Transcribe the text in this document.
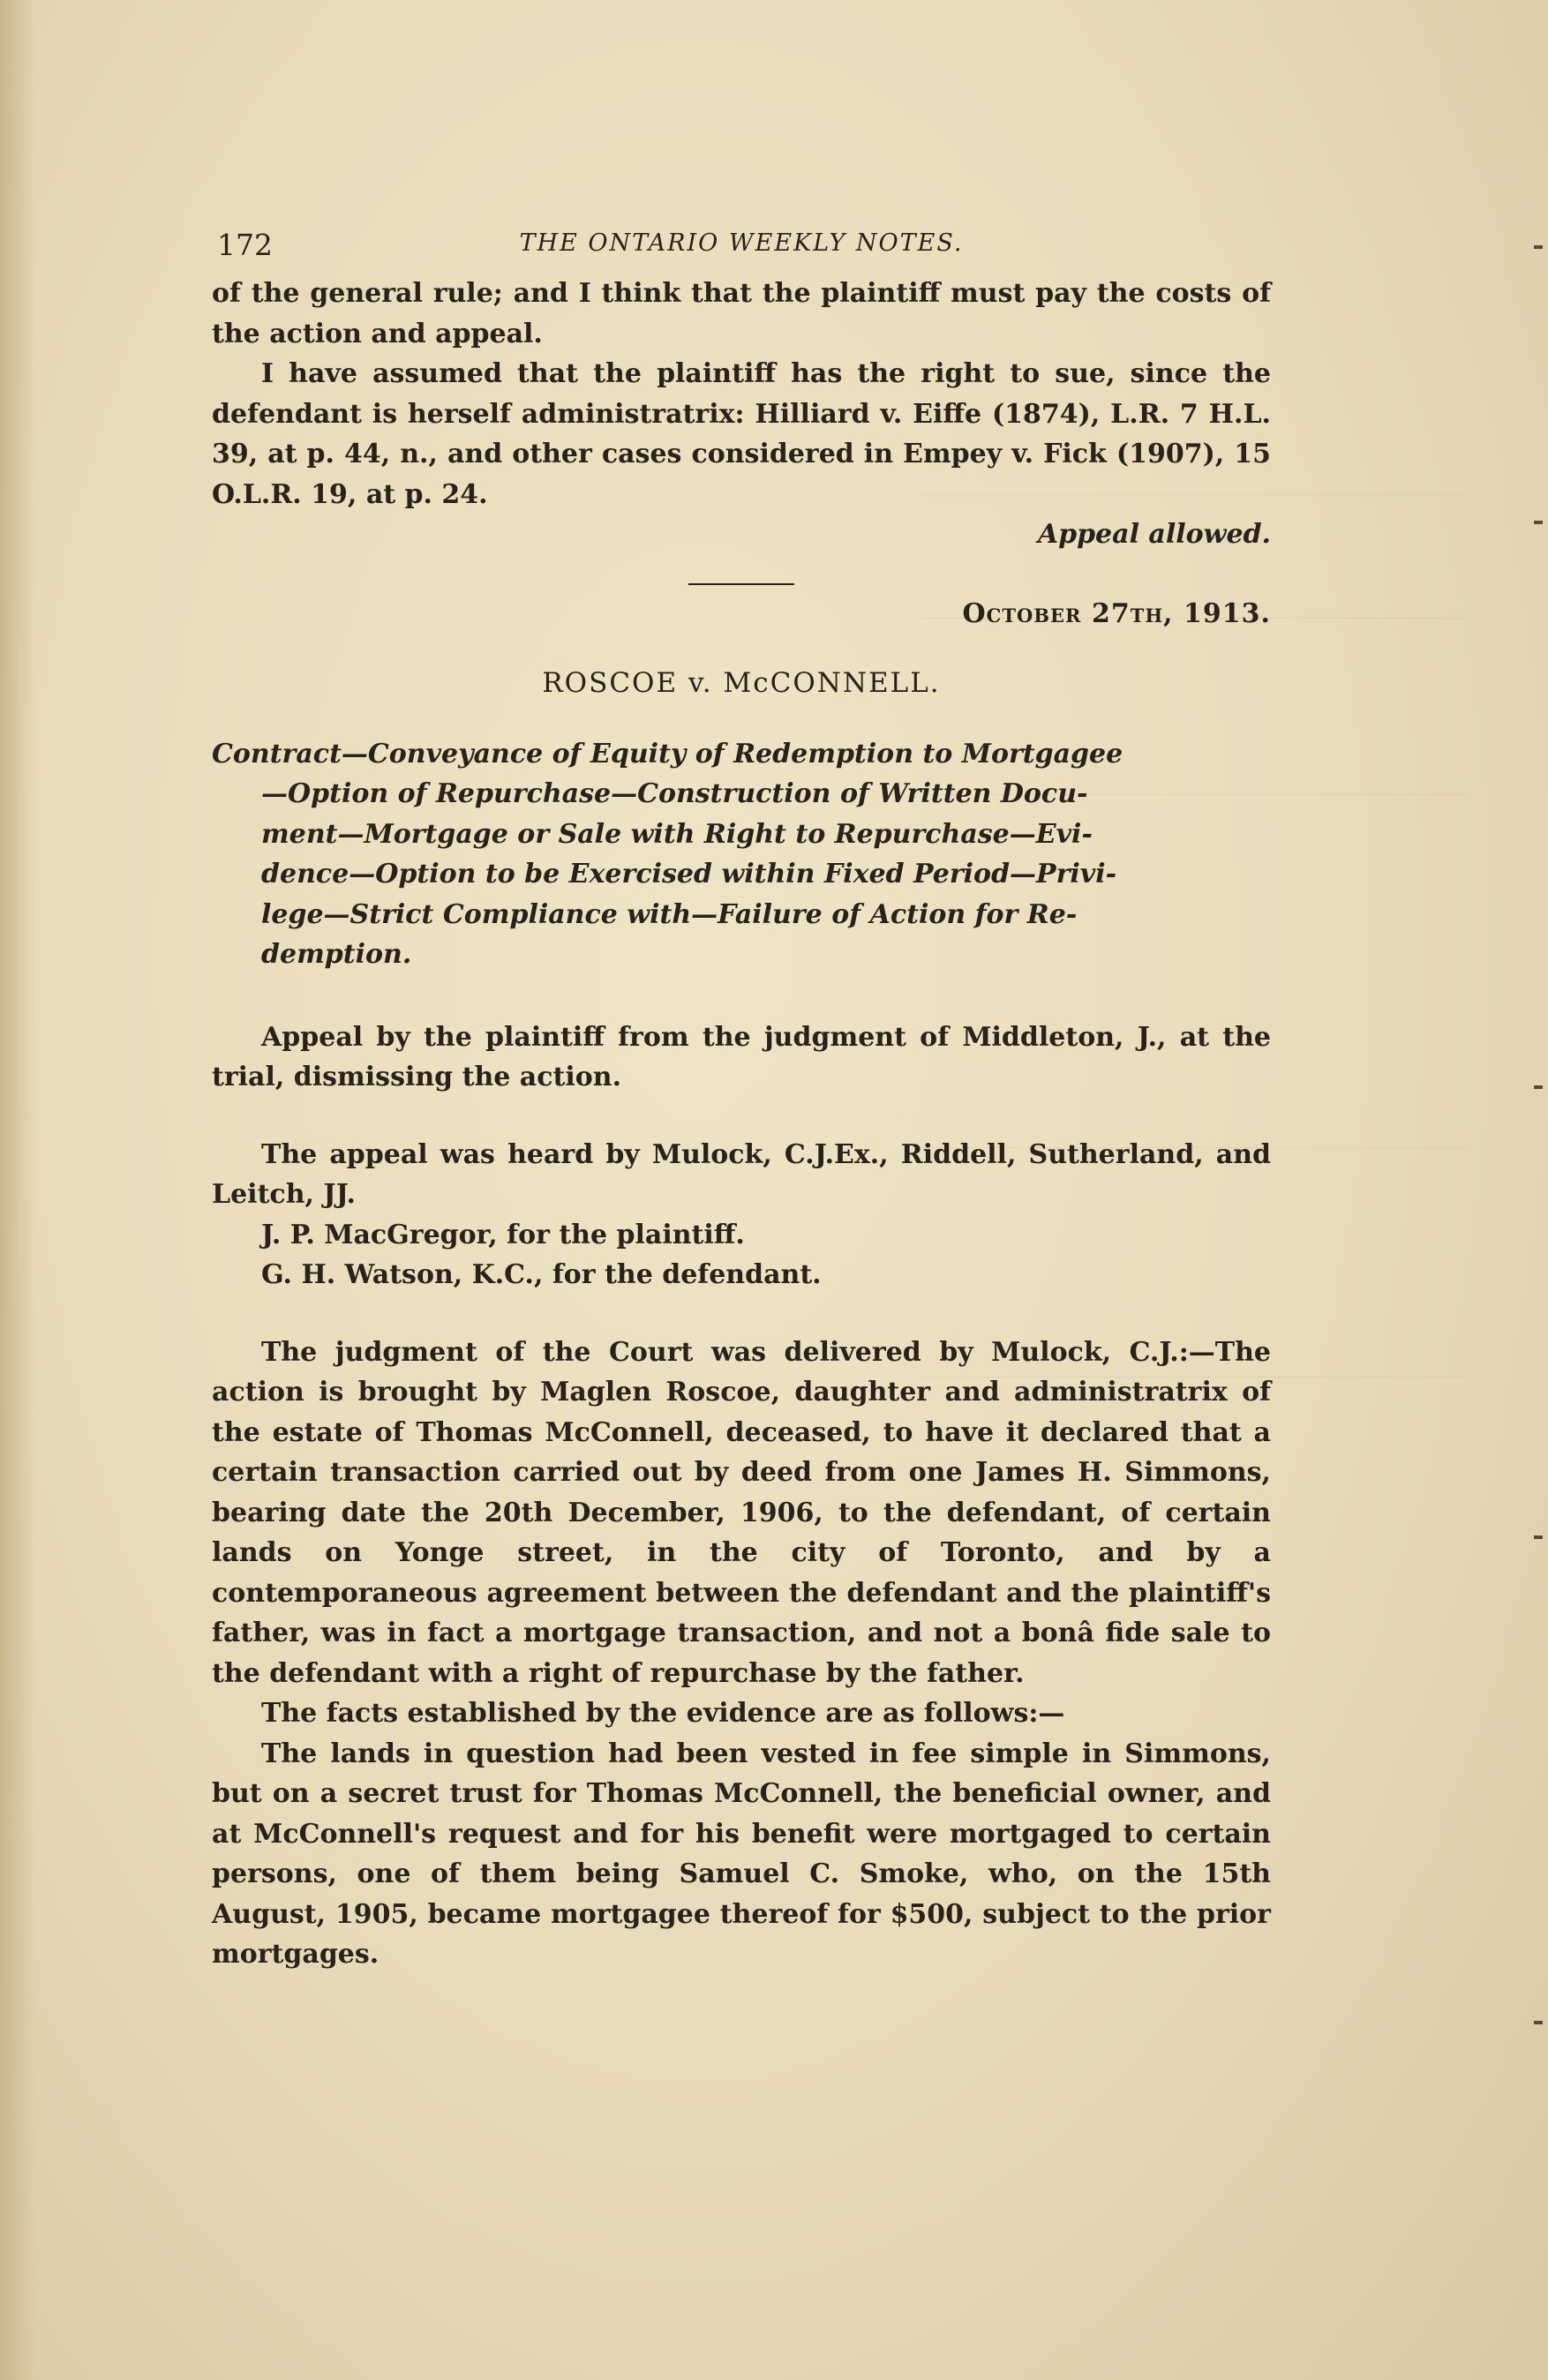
172	THE ONTARIO WEEKLY NOTES.

of the general rule; and I think that the plaintiff must pay the costs of the action and appeal.

I have assumed that the plaintiff has the right to sue, since the defendant is herself administratrix: Hilliard v. Eiffe (1874), L.R. 7 H.L. 39, at p. 44, n., and other cases considered in Empey v. Fick (1907), 15 O.L.R. 19, at p. 24.

Appeal allowed.

October 27th, 1913.
ROSCOE v. McCONNELL.
Contract—Conveyance of Equity of Redemption to Mortgagee
—Option of Repurchase—Construction of Written Docu-
ment—Mortgage or Sale with Right to Repurchase—Evi-
dence—Option to be Exercised within Fixed Period—Privi-
lege—Strict Compliance with—Failure of Action for Re-
demption.

Appeal by the plaintiff from the judgment of Middleton, J., at the trial, dismissing the action.

The appeal was heard by Mulock, C.J.Ex., Riddell, Sutherland, and Leitch, JJ.

J. P. MacGregor, for the plaintiff.

G. H. Watson, K.C., for the defendant.

The judgment of the Court was delivered by Mulock, C.J.:—The action is brought by Maglen Roscoe, daughter and administratrix of the estate of Thomas McConnell, deceased, to have it declared that a certain transaction carried out by deed from one James H. Simmons, bearing date the 20th December, 1906, to the defendant, of certain lands on Yonge street, in the city of Toronto, and by a contemporaneous agreement between the defendant and the plaintiff's father, was in fact a mortgage transaction, and not a bonâ fide sale to the defendant with a right of repurchase by the father.

The facts established by the evidence are as follows:—

The lands in question had been vested in fee simple in Simmons, but on a secret trust for Thomas McConnell, the beneficial owner, and at McConnell's request and for his benefit were mortgaged to certain persons, one of them being Samuel C. Smoke, who, on the 15th August, 1905, became mortgagee thereof for $500, subject to the prior mortgages.
